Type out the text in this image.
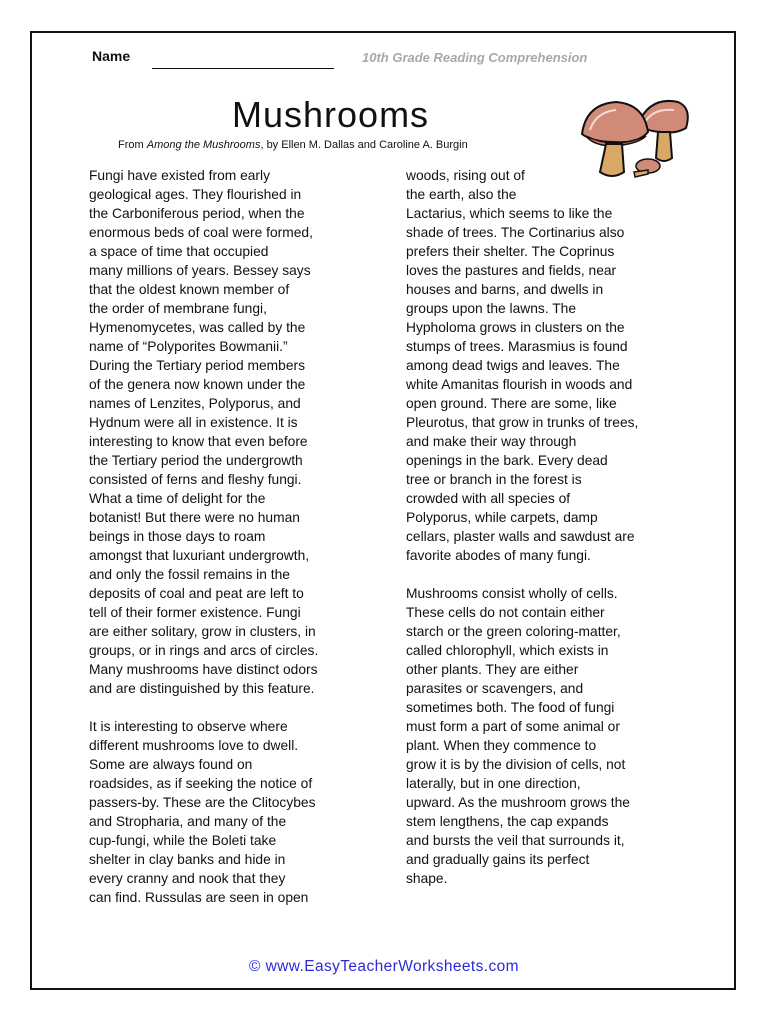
Name	10th Grade Reading Comprehension
Mushrooms
From Among the Mushrooms, by Ellen M. Dallas and Caroline A. Burgin

Fungi have existed from early
geological ages. They flourished in
the Carboniferous period, when the
enormous beds of coal were formed,
a space of time that occupied
many millions of years. Bessey says
that the oldest known member of
the order of membrane fungi,
Hymenomycetes, was called by the
name of “Polyporites Bowmanii.”
During the Tertiary period members
of the genera now known under the
names of Lenzites, Polyporus, and
Hydnum were all in existence. It is
interesting to know that even before
the Tertiary period the undergrowth
consisted of ferns and fleshy fungi.
What a time of delight for the
botanist! But there were no human
beings in those days to roam
amongst that luxuriant undergrowth,
and only the fossil remains in the
deposits of coal and peat are left to
tell of their former existence. Fungi
are either solitary, grow in clusters, in
groups, or in rings and arcs of circles.
Many mushrooms have distinct odors
and are distinguished by this feature.

It is interesting to observe where
different mushrooms love to dwell.
Some are always found on
roadsides, as if seeking the notice of
passers-by. These are the Clitocybes
and Stropharia, and many of the
cup-fungi, while the Boleti take
shelter in clay banks and hide in
every cranny and nook that they
can find. Russulas are seen in open

woods, rising out of
the earth, also the
Lactarius, which seems to like the
shade of trees. The Cortinarius also
prefers their shelter. The Coprinus
loves the pastures and fields, near
houses and barns, and dwells in
groups upon the lawns. The
Hypholoma grows in clusters on the
stumps of trees. Marasmius is found
among dead twigs and leaves. The
white Amanitas flourish in woods and
open ground. There are some, like
Pleurotus, that grow in trunks of trees,
and make their way through
openings in the bark. Every dead
tree or branch in the forest is
crowded with all species of
Polyporus, while carpets, damp
cellars, plaster walls and sawdust are
favorite abodes of many fungi.

Mushrooms consist wholly of cells.
These cells do not contain either
starch or the green coloring-matter,
called chlorophyll, which exists in
other plants. They are either
parasites or scavengers, and
sometimes both. The food of fungi
must form a part of some animal or
plant. When they commence to
grow it is by the division of cells, not
laterally, but in one direction,
upward. As the mushroom grows the
stem lengthens, the cap expands
and bursts the veil that surrounds it,
and gradually gains its perfect
shape.

© www.EasyTeacherWorksheets.com
